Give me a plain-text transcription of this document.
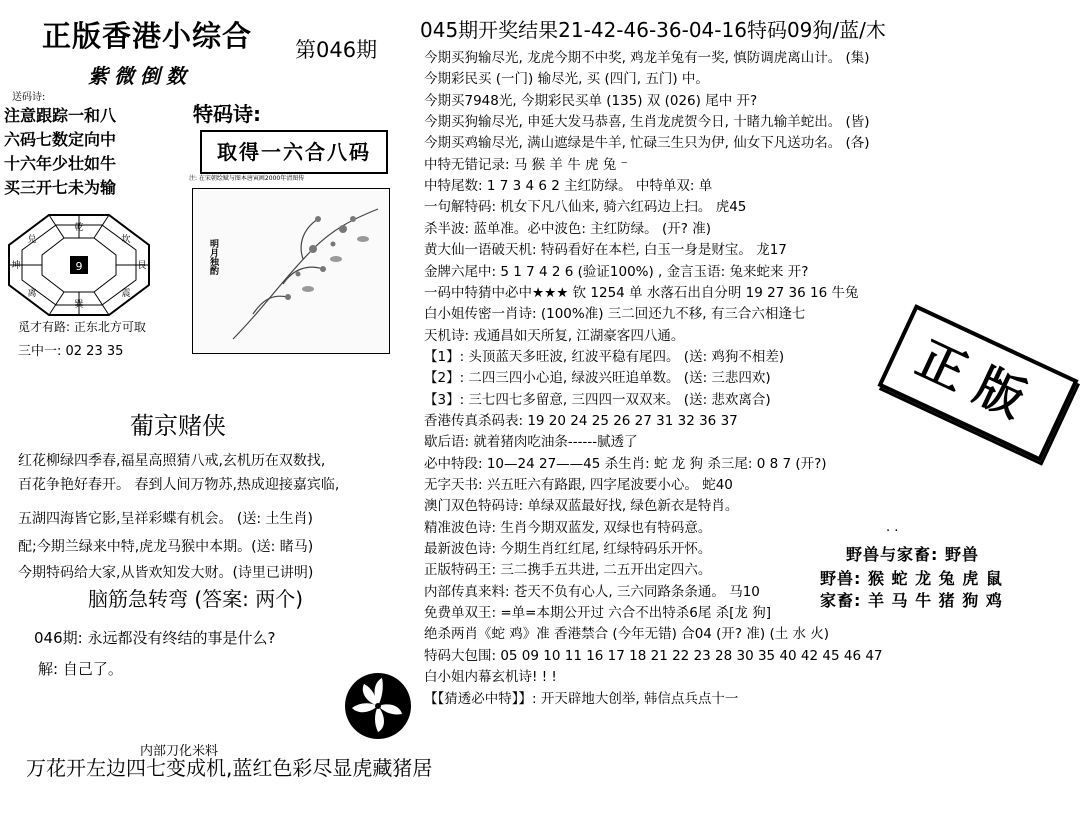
正版香港小综合
紫微倒数
第046期
送码诗:
注意跟踪一和八
六码七数定向中
十六年少壮如牛
买三开七未为输
特码诗:
取得一六合八码
9
乾
坎
艮
震
巽
离
坤
兑
觅才有路: 正东北方可取
三中一: 02 23 35
注: 在宋朝绘赋与图本唐寅画2000年清图传
明月独酌
葡京赌侠
红花柳绿四季春,福星高照猜八戒,玄机历在双数找,
百花争艳好春开。 春到人间万物苏,热成迎接嘉宾临,
五湖四海皆它影,呈祥彩蝶有机会。 (送: 土生肖)
配;今期兰绿来中特,虎龙马猴中本期。(送: 睹马)
今期特码给大家,从皆欢知发大财。(诗里已讲明)
脑筋急转弯 (答案: 两个)
046期: 永远都没有终结的事是什么?
解: 自己了。
内部刀化米料
万花开左边四七变成机,蓝红色彩尽显虎藏猪居
045期开奖结果21-42-46-36-04-16特码09狗/蓝/木
今期买狗输尽光, 龙虎今期不中奖, 鸡龙羊兔有一奖, 慎防调虎离山计。 (集)
今期彩民买 (一门) 输尽光, 买 (四门, 五门) 中。
今期买7948光, 今期彩民买单 (135) 双 (026) 尾中 开?
今期买狗输尽光, 申延大发马恭喜, 生肖龙虎贺今日, 十睹九输羊蛇出。 (皆)
今期买鸡输尽光, 满山遮绿是牛羊, 忙碌三生只为伊, 仙女下凡送功名。 (各)
中特无错记录: 马 猴 羊 牛 虎 兔 ⁻
中特尾数: 1 7 3 4 6 2 主红防绿。 中特单双: 单
一句解特码: 机女下凡八仙来, 骑六红码边上扫。 虎45
杀半波: 蓝单准。必中波色: 主红防绿。 (开? 准)
黄大仙一语破天机: 特码看好在本栏, 白玉一身是财宝。 龙17
金牌六尾中: 5 1 7 4 2 6 (验证100%) , 金言玉语: 兔来蛇来 开?
一码中特猜中必中★★★ 钦 1254 单 水落石出自分明 19 27 36 16 牛兔
白小姐传密一肖诗: (100%准) 三二回还九不移, 有三合六相逢七
天机诗: 戎通昌如天所复, 江湖豪客四八通。
【1】: 头顶蓝天多旺波, 红波平稳有尾四。 (送: 鸡狗不相差)
【2】: 二四三四小心追, 绿波兴旺追单数。 (送: 三悲四欢)
【3】: 三七四七多留意, 三四四一双双来。 (送: 悲欢离合)
香港传真杀码表: 19 20 24 25 26 27 31 32 36 37
歇后语: 就着猪肉吃油条------腻透了
必中特段: 10—24 27——45 杀生肖: 蛇 龙 狗 杀三尾: 0 8 7 (开?)
无字天书: 兴五旺六有路跟, 四字尾波要小心。 蛇40
澳门双色特码诗: 单绿双蓝最好找, 绿色新衣是特肖。
精准波色诗: 生肖今期双蓝发, 双绿也有特码意。
最新波色诗: 今期生肖红红尾, 红绿特码乐开怀。
正版特码王: 三二携手五共进, 二五开出定四六。
内部传真来料: 苍天不负有心人, 三六同路条条通。 马10
免费单双王: =单=本期公开过 六合不出特杀6尾 杀[龙 狗]
绝杀两肖《蛇 鸡》准 香港禁合 (今年无错) 合04 (开? 准) (土 水 火)
特码大包围: 05 09 10 11 16 17 18 21 22 23 28 30 35 40 42 45 46 47
白小姐内幕玄机诗! ! !
【【猜透必中特】】: 开天辟地大创举, 韩信点兵点十一
正版
野兽与家畜: 野兽
野兽: 猴 蛇 龙 兔 虎 鼠
家畜: 羊 马 牛 猪 狗 鸡
. .
